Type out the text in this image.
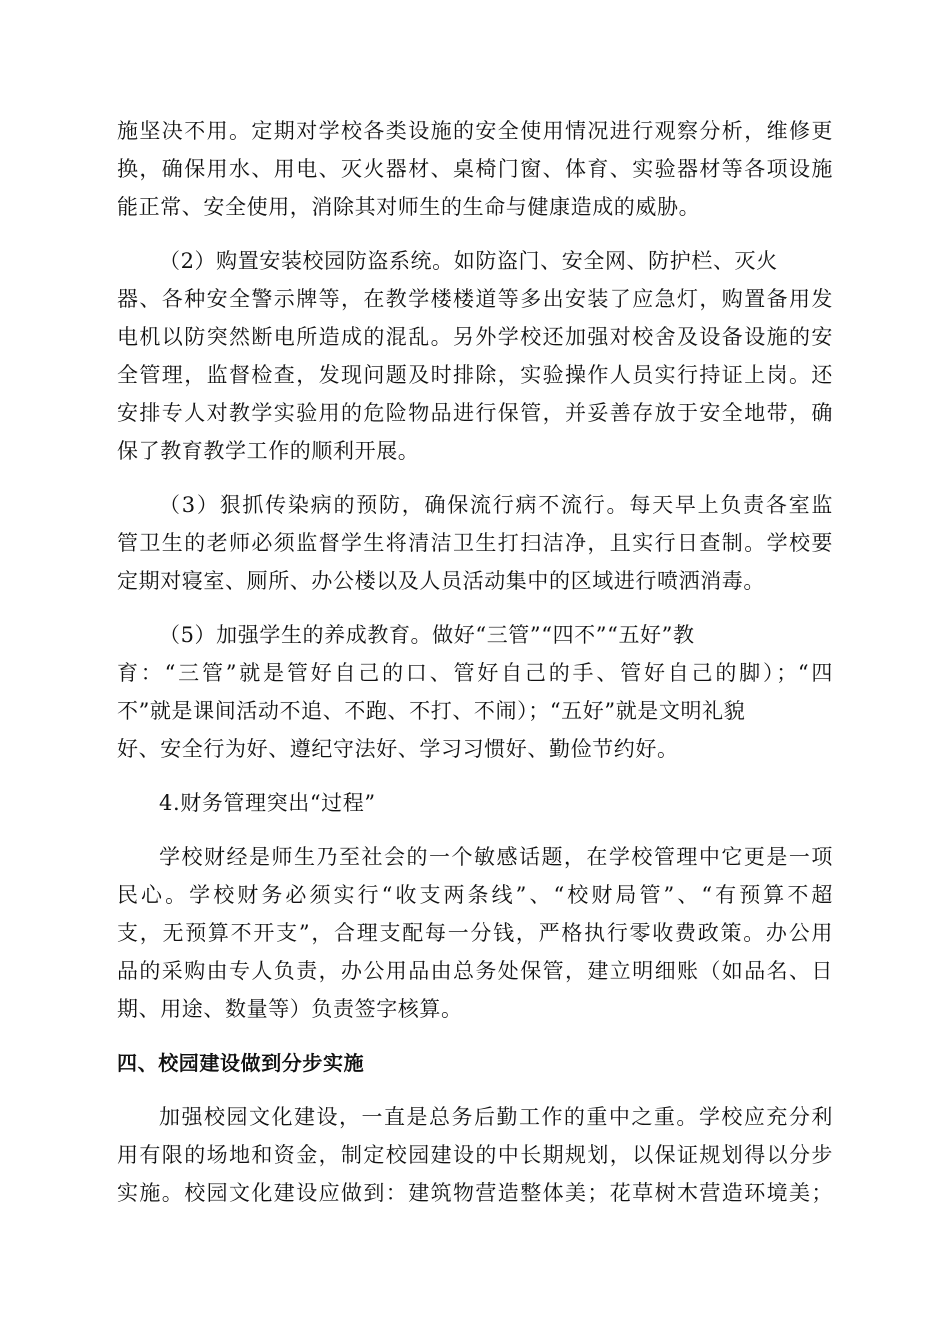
施坚决不用。定期对学校各类设施的安全使用情况进行观察分析，维修更
换，确保用水、用电、灭火器材、桌椅门窗、体育、实验器材等各项设施
能正常、安全使用，消除其对师生的生命与健康造成的威胁。
（2）购置安装校园防盗系统。如防盗门、安全网、防护栏、灭火
器、各种安全警示牌等，在教学楼楼道等多出安装了应急灯，购置备用发
电机以防突然断电所造成的混乱。另外学校还加强对校舍及设备设施的安
全管理，监督检查，发现问题及时排除，实验操作人员实行持证上岗。还
安排专人对教学实验用的危险物品进行保管，并妥善存放于安全地带，确
保了教育教学工作的顺利开展。
（3）狠抓传染病的预防，确保流行病不流行。每天早上负责各室监
管卫生的老师必须监督学生将清洁卫生打扫洁净，且实行日查制。学校要
定期对寝室、厕所、办公楼以及人员活动集中的区域进行喷洒消毒。
（5）加强学生的养成教育。做好“三管”“四不”“五好”教
育：“三管”就是管好自己的口、管好自己的手、管好自己的脚）；“四
不”就是课间活动不追、不跑、不打、不闹）；“五好”就是文明礼貌
好、安全行为好、遵纪守法好、学习习惯好、勤俭节约好。
4.财务管理突出“过程”
学校财经是师生乃至社会的一个敏感话题，在学校管理中它更是一项
民心。学校财务必须实行“收支两条线”、“校财局管”、“有预算不超
支，无预算不开支”，合理支配每一分钱，严格执行零收费政策。办公用
品的采购由专人负责，办公用品由总务处保管，建立明细账（如品名、日
期、用途、数量等）负责签字核算。
四、校园建设做到分步实施
加强校园文化建设，一直是总务后勤工作的重中之重。学校应充分利
用有限的场地和资金，制定校园建设的中长期规划，以保证规划得以分步
实施。校园文化建设应做到：建筑物营造整体美；花草树木营造环境美；
